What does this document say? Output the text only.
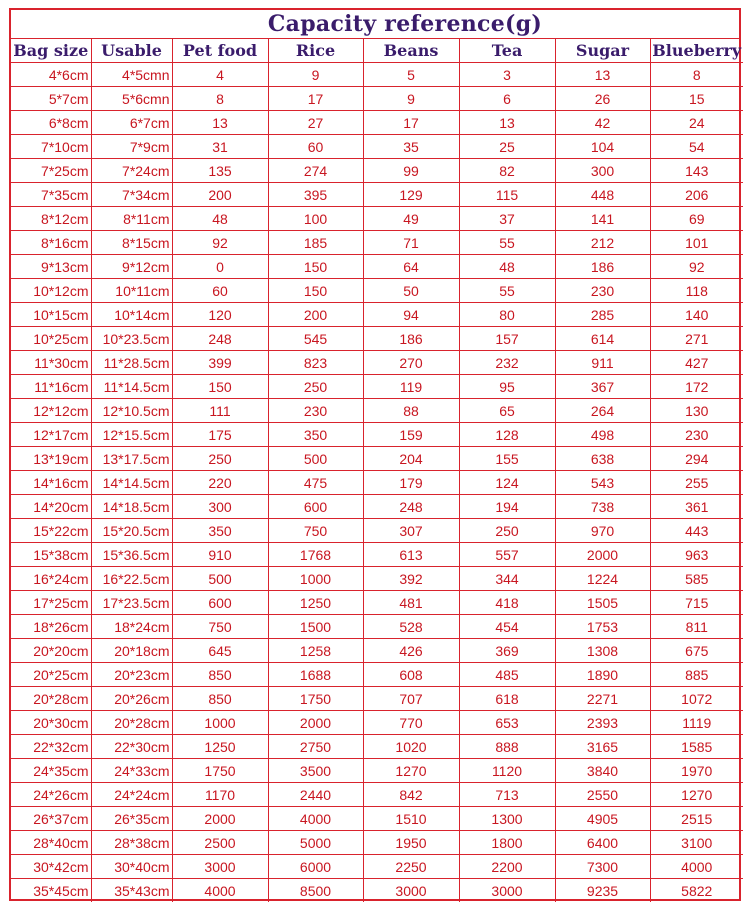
Capacity reference(g)
Bag size	Usable	Pet food	Rice	Beans	Tea	Sugar	Blueberry
4*6cm	4*5cmn	4	9	5	3	13	8
5*7cm	5*6cmn	8	17	9	6	26	15
6*8cm	6*7cm	13	27	17	13	42	24
7*10cm	7*9cm	31	60	35	25	104	54
7*25cm	7*24cm	135	274	99	82	300	143
7*35cm	7*34cm	200	395	129	115	448	206
8*12cm	8*11cm	48	100	49	37	141	69
8*16cm	8*15cm	92	185	71	55	212	101
9*13cm	9*12cm	0	150	64	48	186	92
10*12cm	10*11cm	60	150	50	55	230	118
10*15cm	10*14cm	120	200	94	80	285	140
10*25cm	10*23.5cm	248	545	186	157	614	271
11*30cm	11*28.5cm	399	823	270	232	911	427
11*16cm	11*14.5cm	150	250	119	95	367	172
12*12cm	12*10.5cm	111	230	88	65	264	130
12*17cm	12*15.5cm	175	350	159	128	498	230
13*19cm	13*17.5cm	250	500	204	155	638	294
14*16cm	14*14.5cm	220	475	179	124	543	255
14*20cm	14*18.5cm	300	600	248	194	738	361
15*22cm	15*20.5cm	350	750	307	250	970	443
15*38cm	15*36.5cm	910	1768	613	557	2000	963
16*24cm	16*22.5cm	500	1000	392	344	1224	585
17*25cm	17*23.5cm	600	1250	481	418	1505	715
18*26cm	18*24cm	750	1500	528	454	1753	811
20*20cm	20*18cm	645	1258	426	369	1308	675
20*25cm	20*23cm	850	1688	608	485	1890	885
20*28cm	20*26cm	850	1750	707	618	2271	1072
20*30cm	20*28cm	1000	2000	770	653	2393	1119
22*32cm	22*30cm	1250	2750	1020	888	3165	1585
24*35cm	24*33cm	1750	3500	1270	1120	3840	1970
24*26cm	24*24cm	1170	2440	842	713	2550	1270
26*37cm	26*35cm	2000	4000	1510	1300	4905	2515
28*40cm	28*38cm	2500	5000	1950	1800	6400	3100
30*42cm	30*40cm	3000	6000	2250	2200	7300	4000
35*45cm	35*43cm	4000	8500	3000	3000	9235	5822
